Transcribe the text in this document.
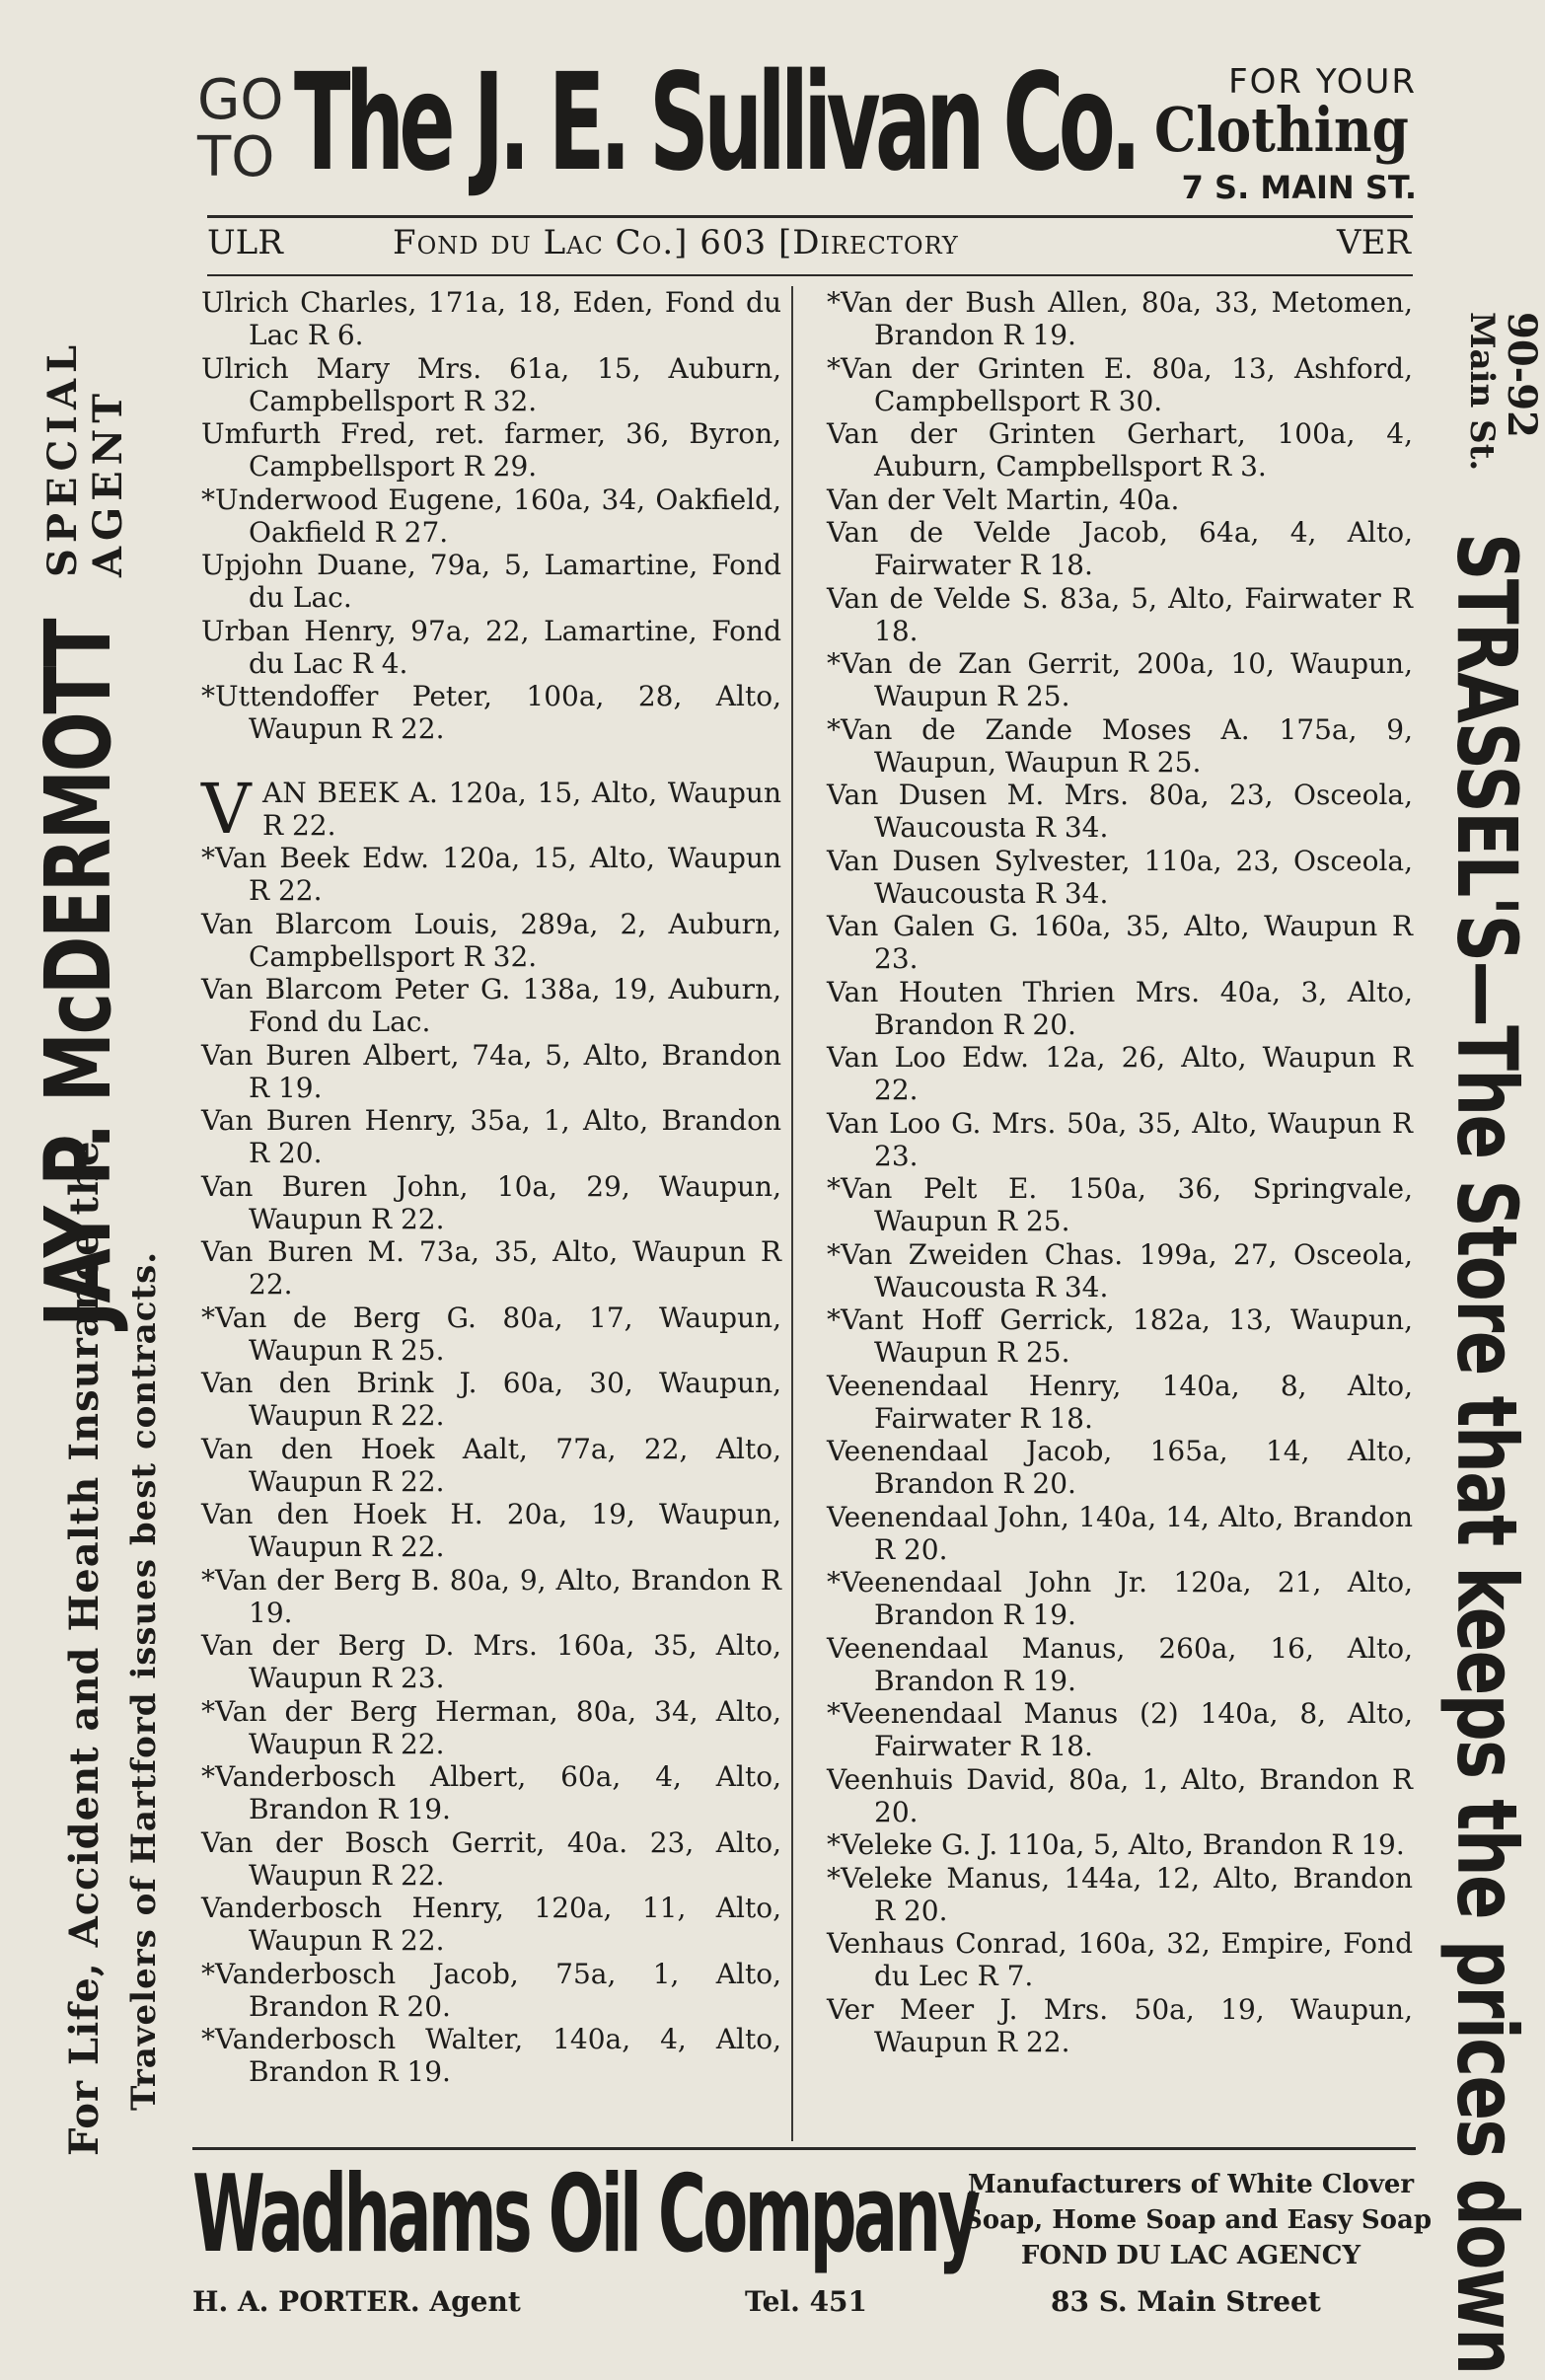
GO TO The J. E. Sullivan Co.	FOR YOUR
Clothing
7 S. MAIN ST.
ULR	Fond du Lac Co.] 603 [Directory	VER
For Life, Accident and Health Insurance the
JAY P. McDERMOTT
SPECIAL AGENT
Travelers of Hartford issues best contracts.
90-92
Main St.
STRASSEL'S—The Store that keeps the prices down
Ulrich Charles, 171a, 18, Eden, Fond du Lac R 6.
Ulrich Mary Mrs. 61a, 15, Auburn, Campbellsport R 32.
Umfurth Fred, ret. farmer, 36, Byron, Campbellsport R 29.
*Underwood Eugene, 160a, 34, Oakfield, Oakfield R 27.
Upjohn Duane, 79a, 5, Lamartine, Fond du Lac.
Urban Henry, 97a, 22, Lamartine, Fond du Lac R 4.
*Uttendoffer Peter, 100a, 28, Alto, Waupun R 22.
V AN BEEK A. 120a, 15, Alto, Waupun R 22.
*Van Beek Edw. 120a, 15, Alto, Waupun R 22.
Van Blarcom Louis, 289a, 2, Auburn, Campbellsport R 32.
Van Blarcom Peter G. 138a, 19, Auburn, Fond du Lac.
Van Buren Albert, 74a, 5, Alto, Brandon R 19.
Van Buren Henry, 35a, 1, Alto, Brandon R 20.
Van Buren John, 10a, 29, Waupun, Waupun R 22.
Van Buren M. 73a, 35, Alto, Waupun R 22.
*Van de Berg G. 80a, 17, Waupun, Waupun R 25.
Van den Brink J. 60a, 30, Waupun, Waupun R 22.
Van den Hoek Aalt, 77a, 22, Alto, Waupun R 22.
Van den Hoek H. 20a, 19, Waupun, Waupun R 22.
*Van der Berg B. 80a, 9, Alto, Brandon R 19.
Van der Berg D. Mrs. 160a, 35, Alto, Waupun R 23.
*Van der Berg Herman, 80a, 34, Alto, Waupun R 22.
*Vanderbosch Albert, 60a, 4, Alto, Brandon R 19.
Van der Bosch Gerrit, 40a. 23, Alto, Waupun R 22.
Vanderbosch Henry, 120a, 11, Alto, Waupun R 22.
*Vanderbosch Jacob, 75a, 1, Alto, Brandon R 20.
*Vanderbosch Walter, 140a, 4, Alto, Brandon R 19.
*Van der Bush Allen, 80a, 33, Metomen, Brandon R 19.
*Van der Grinten E. 80a, 13, Ashford, Campbellsport R 30.
Van der Grinten Gerhart, 100a, 4, Auburn, Campbellsport R 3.
Van der Velt Martin, 40a.
Van de Velde Jacob, 64a, 4, Alto, Fairwater R 18.
Van de Velde S. 83a, 5, Alto, Fairwater R 18.
*Van de Zan Gerrit, 200a, 10, Waupun, Waupun R 25.
*Van de Zande Moses A. 175a, 9, Waupun, Waupun R 25.
Van Dusen M. Mrs. 80a, 23, Osceola, Waucousta R 34.
Van Dusen Sylvester, 110a, 23, Osceola, Waucousta R 34.
Van Galen G. 160a, 35, Alto, Waupun R 23.
Van Houten Thrien Mrs. 40a, 3, Alto, Brandon R 20.
Van Loo Edw. 12a, 26, Alto, Waupun R 22.
Van Loo G. Mrs. 50a, 35, Alto, Waupun R 23.
*Van Pelt E. 150a, 36, Springvale, Waupun R 25.
*Van Zweiden Chas. 199a, 27, Osceola, Waucousta R 34.
*Vant Hoff Gerrick, 182a, 13, Waupun, Waupun R 25.
Veenendaal Henry, 140a, 8, Alto, Fairwater R 18.
Veenendaal Jacob, 165a, 14, Alto, Brandon R 20.
Veenendaal John, 140a, 14, Alto, Brandon R 20.
*Veenendaal John Jr. 120a, 21, Alto, Brandon R 19.
Veenendaal Manus, 260a, 16, Alto, Brandon R 19.
*Veenendaal Manus (2) 140a, 8, Alto, Fairwater R 18.
Veenhuis David, 80a, 1, Alto, Brandon R 20.
*Veleke G. J. 110a, 5, Alto, Brandon R 19.
*Veleke Manus, 144a, 12, Alto, Brandon R 20.
Venhaus Conrad, 160a, 32, Empire, Fond du Lec R 7.
Ver Meer J. Mrs. 50a, 19, Waupun, Waupun R 22.
Wadhams Oil Company
Manufacturers of White Clover
Soap, Home Soap and Easy Soap
FOND DU LAC AGENCY
H. A. PORTER. Agent	Tel. 451	83 S. Main Street
